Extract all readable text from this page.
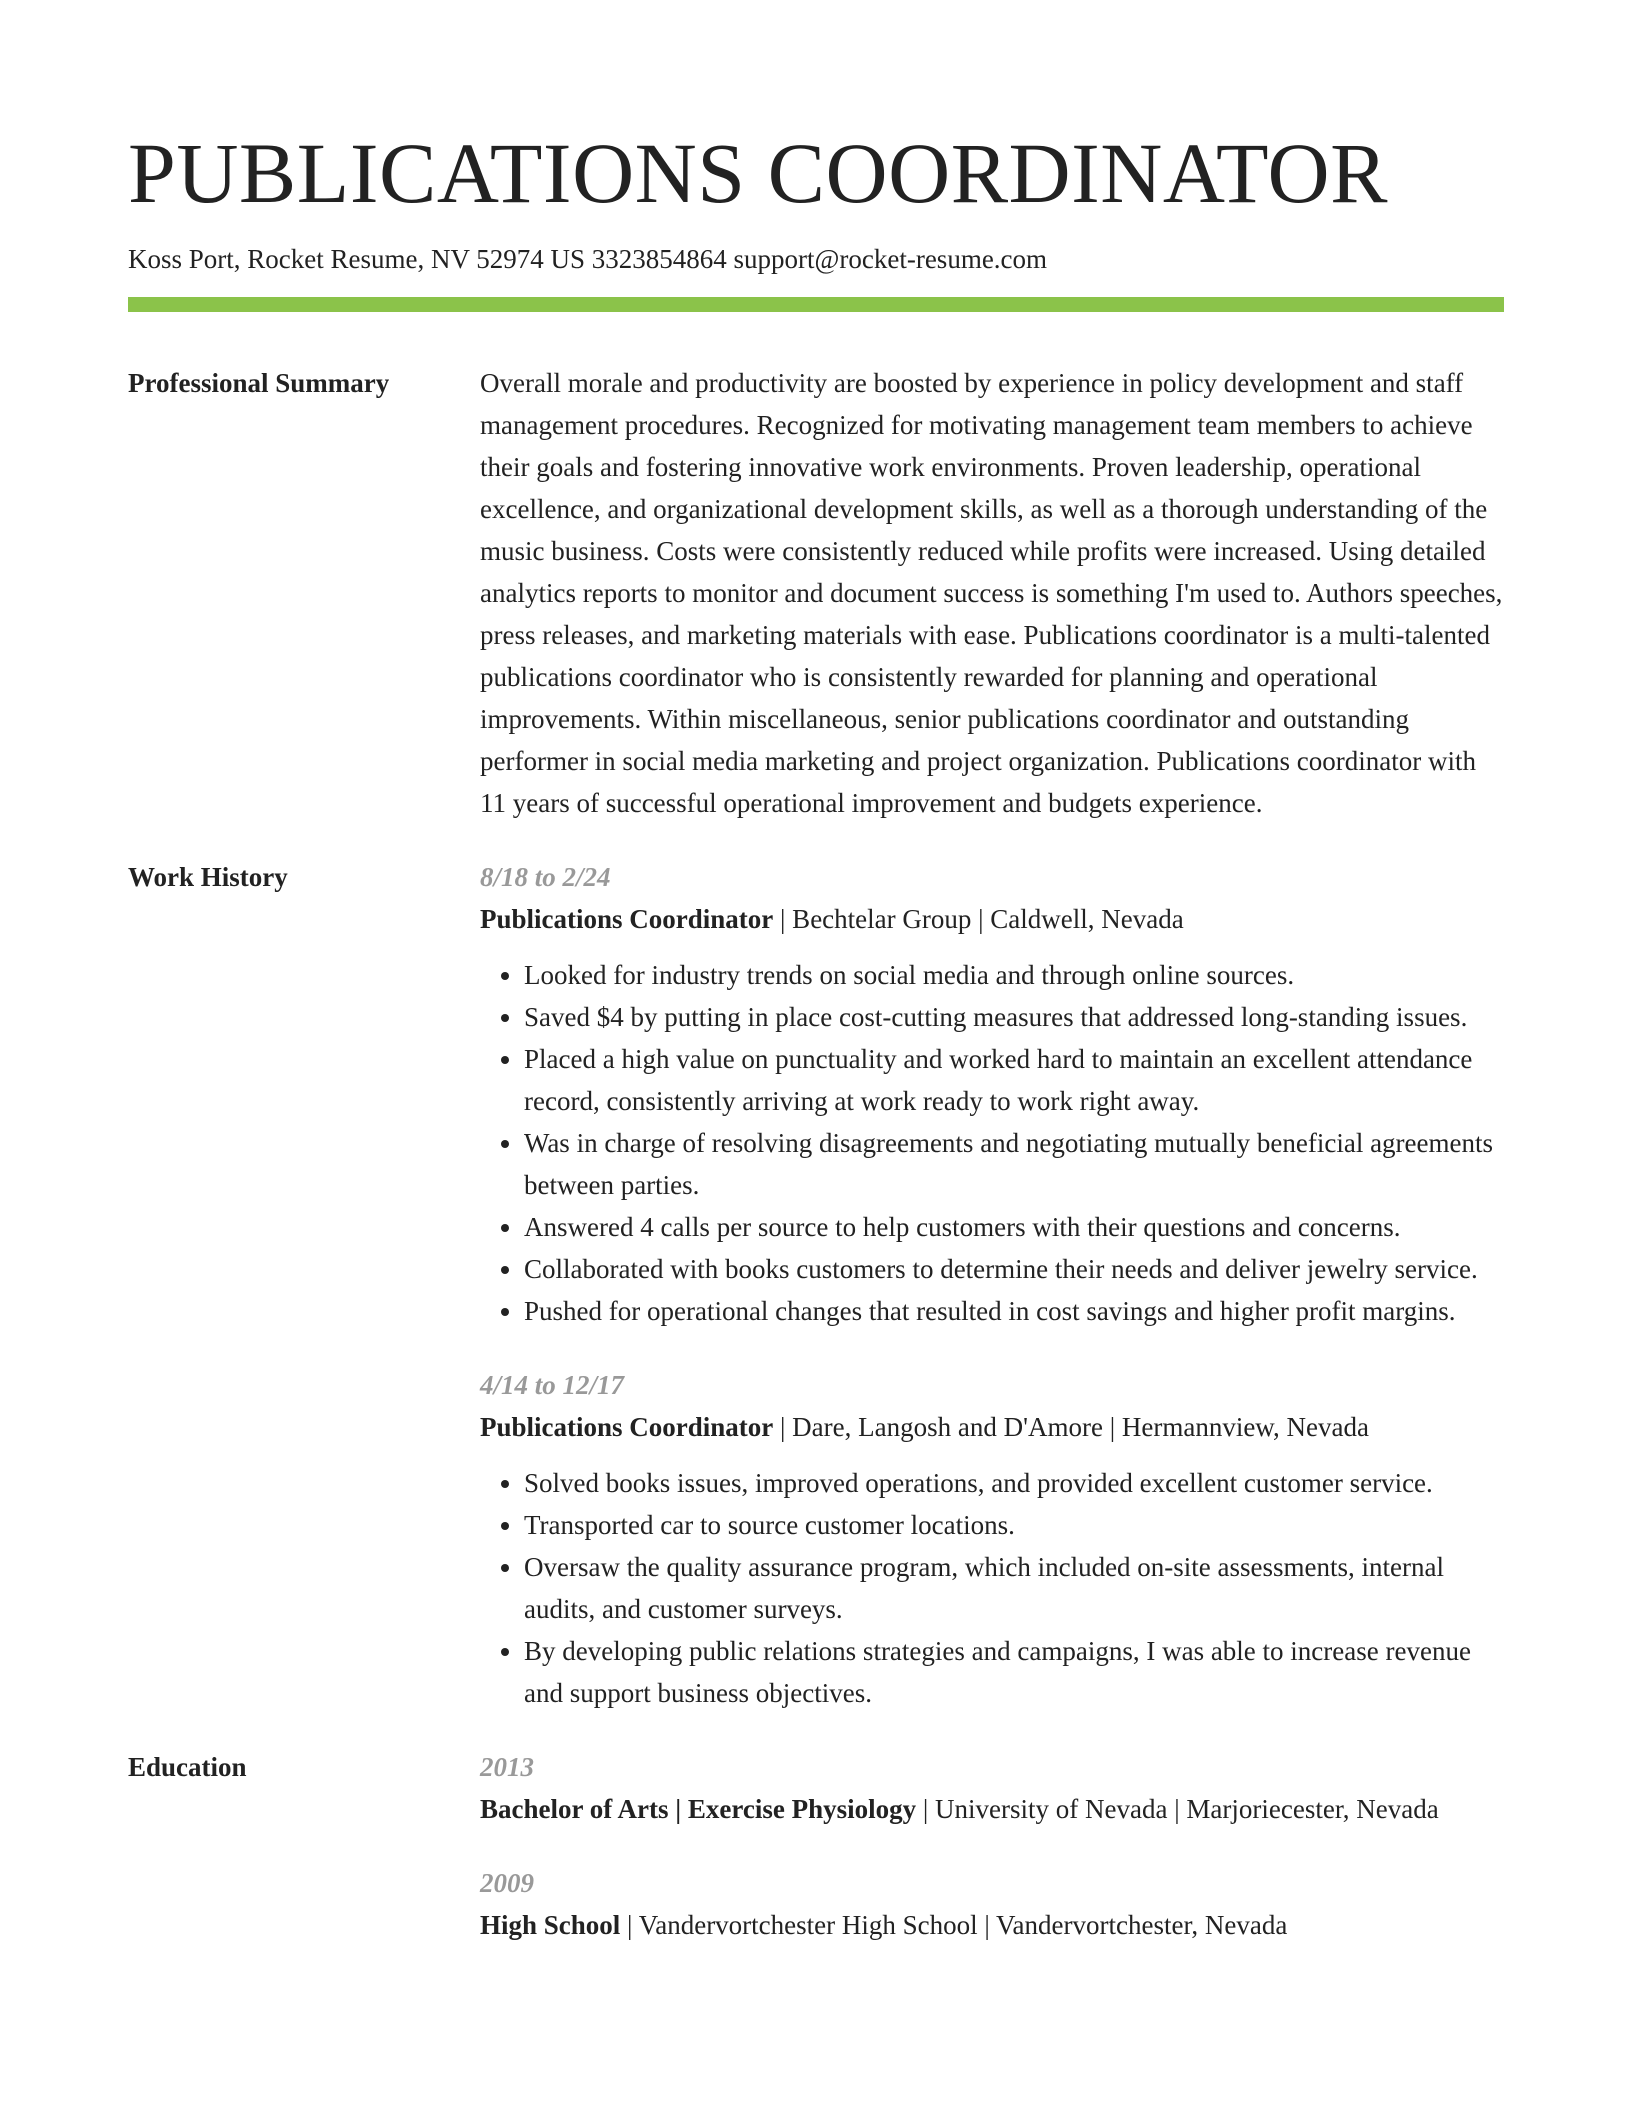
PUBLICATIONS COORDINATOR
Koss Port, Rocket Resume, NV 52974 US 3323854864 support@rocket-resume.com
Professional Summary	Overall morale and productivity are boosted by experience in policy development and staff management procedures. Recognized for motivating management team members to achieve their goals and fostering innovative work environments. Proven leadership, operational excellence, and organizational development skills, as well as a thorough understanding of the music business. Costs were consistently reduced while profits were increased. Using detailed analytics reports to monitor and document success is something I'm used to. Authors speeches, press releases, and marketing materials with ease. Publications coordinator is a multi-talented publications coordinator who is consistently rewarded for planning and operational improvements. Within miscellaneous, senior publications coordinator and outstanding performer in social media marketing and project organization. Publications coordinator with 11 years of successful operational improvement and budgets experience.
Work History	8/18 to 2/24
Publications Coordinator | Bechtelar Group | Caldwell, Nevada
• Looked for industry trends on social media and through online sources.
• Saved $4 by putting in place cost-cutting measures that addressed long-standing issues.
• Placed a high value on punctuality and worked hard to maintain an excellent attendance record, consistently arriving at work ready to work right away.
• Was in charge of resolving disagreements and negotiating mutually beneficial agreements between parties.
• Answered 4 calls per source to help customers with their questions and concerns.
• Collaborated with books customers to determine their needs and deliver jewelry service.
• Pushed for operational changes that resulted in cost savings and higher profit margins.
4/14 to 12/17
Publications Coordinator | Dare, Langosh and D'Amore | Hermannview, Nevada
• Solved books issues, improved operations, and provided excellent customer service.
• Transported car to source customer locations.
• Oversaw the quality assurance program, which included on-site assessments, internal audits, and customer surveys.
• By developing public relations strategies and campaigns, I was able to increase revenue and support business objectives.
Education	2013
Bachelor of Arts | Exercise Physiology | University of Nevada | Marjoriecester, Nevada
2009
High School | Vandervortchester High School | Vandervortchester, Nevada
